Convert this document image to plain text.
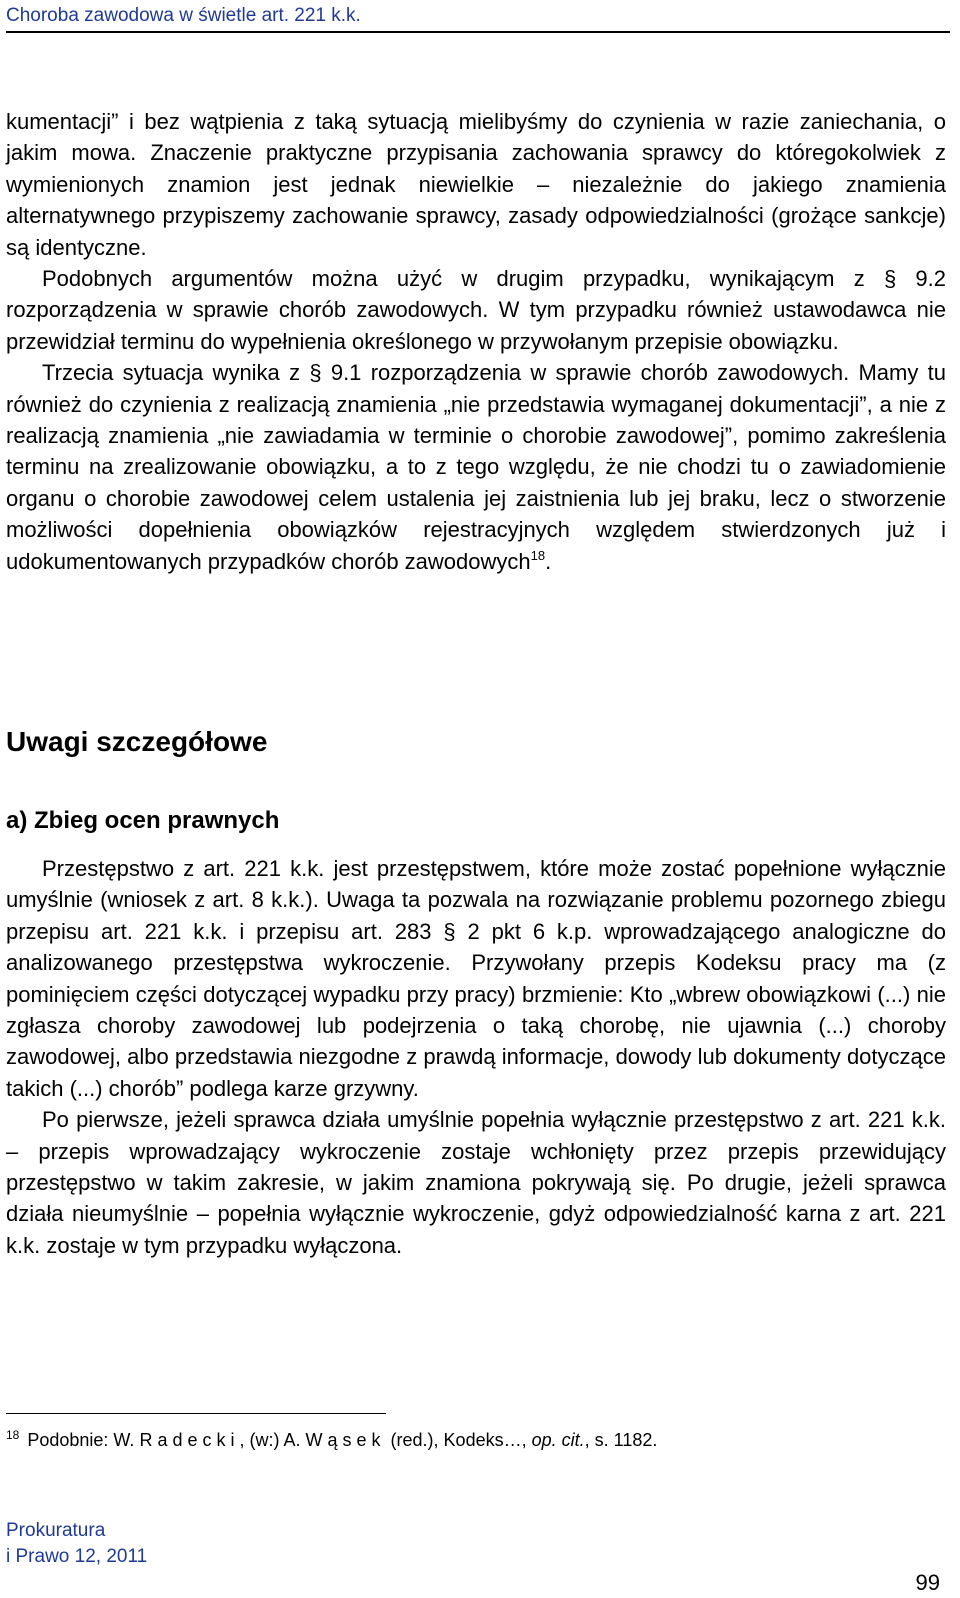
Choroba zawodowa w świetle art. 221 k.k.

kumentacji” i bez wątpienia z taką sytuacją mielibyśmy do czynienia w razie zaniechania, o jakim mowa. Znaczenie praktyczne przypisania zachowania sprawcy do któregokolwiek z wymienionych znamion jest jednak niewielkie – niezależnie do jakiego znamienia alternatywnego przypiszemy zachowanie sprawcy, zasady odpowiedzialności (grożące sankcje) są identyczne.

Podobnych argumentów można użyć w drugim przypadku, wynikającym z § 9.2 rozporządzenia w sprawie chorób zawodowych. W tym przypadku również ustawodawca nie przewidział terminu do wypełnienia określonego w przywołanym przepisie obowiązku.

Trzecia sytuacja wynika z § 9.1 rozporządzenia w sprawie chorób zawodowych. Mamy tu również do czynienia z realizacją znamienia „nie przedstawia wymaganej dokumentacji”, a nie z realizacją znamienia „nie zawiadamia w terminie o chorobie zawodowej”, pomimo zakreślenia terminu na zrealizowanie obowiązku, a to z tego względu, że nie chodzi tu o zawiadomienie organu o chorobie zawodowej celem ustalenia jej zaistnienia lub jej braku, lecz o stworzenie możliwości dopełnienia obowiązków rejestracyjnych względem stwierdzonych już i udokumentowanych przypadków chorób zawodowych$^{18}$.

Uwagi szczegółowe
a) Zbieg ocen prawnych

Przestępstwo z art. 221 k.k. jest przestępstwem, które może zostać popełnione wyłącznie umyślnie (wniosek z art. 8 k.k.). Uwaga ta pozwala na rozwiązanie problemu pozornego zbiegu przepisu art. 221 k.k. i przepisu art. 283 § 2 pkt 6 k.p. wprowadzającego analogiczne do analizowanego przestępstwa wykroczenie. Przywołany przepis Kodeksu pracy ma (z pominięciem części dotyczącej wypadku przy pracy) brzmienie: Kto „wbrew obowiązkowi (...) nie zgłasza choroby zawodowej lub podejrzenia o taką chorobę, nie ujawnia (...) choroby zawodowej, albo przedstawia niezgodne z prawdą informacje, dowody lub dokumenty dotyczące takich (...) chorób” podlega karze grzywny.

Po pierwsze, jeżeli sprawca działa umyślnie popełnia wyłącznie przestępstwo z art. 221 k.k. – przepis wprowadzający wykroczenie zostaje wchłonięty przez przepis przewidujący przestępstwo w takim zakresie, w jakim znamiona pokrywają się. Po drugie, jeżeli sprawca działa nieumyślnie – popełnia wyłącznie wykroczenie, gdyż odpowiedzialność karna z art. 221 k.k. zostaje w tym przypadku wyłączona.

$^{18}$ Podobnie: W. Radecki, (w:) A. Wąsek (red.), Kodeks…, op. cit., s. 1182.
Prokuratura
i Prawo 12, 2011
99
